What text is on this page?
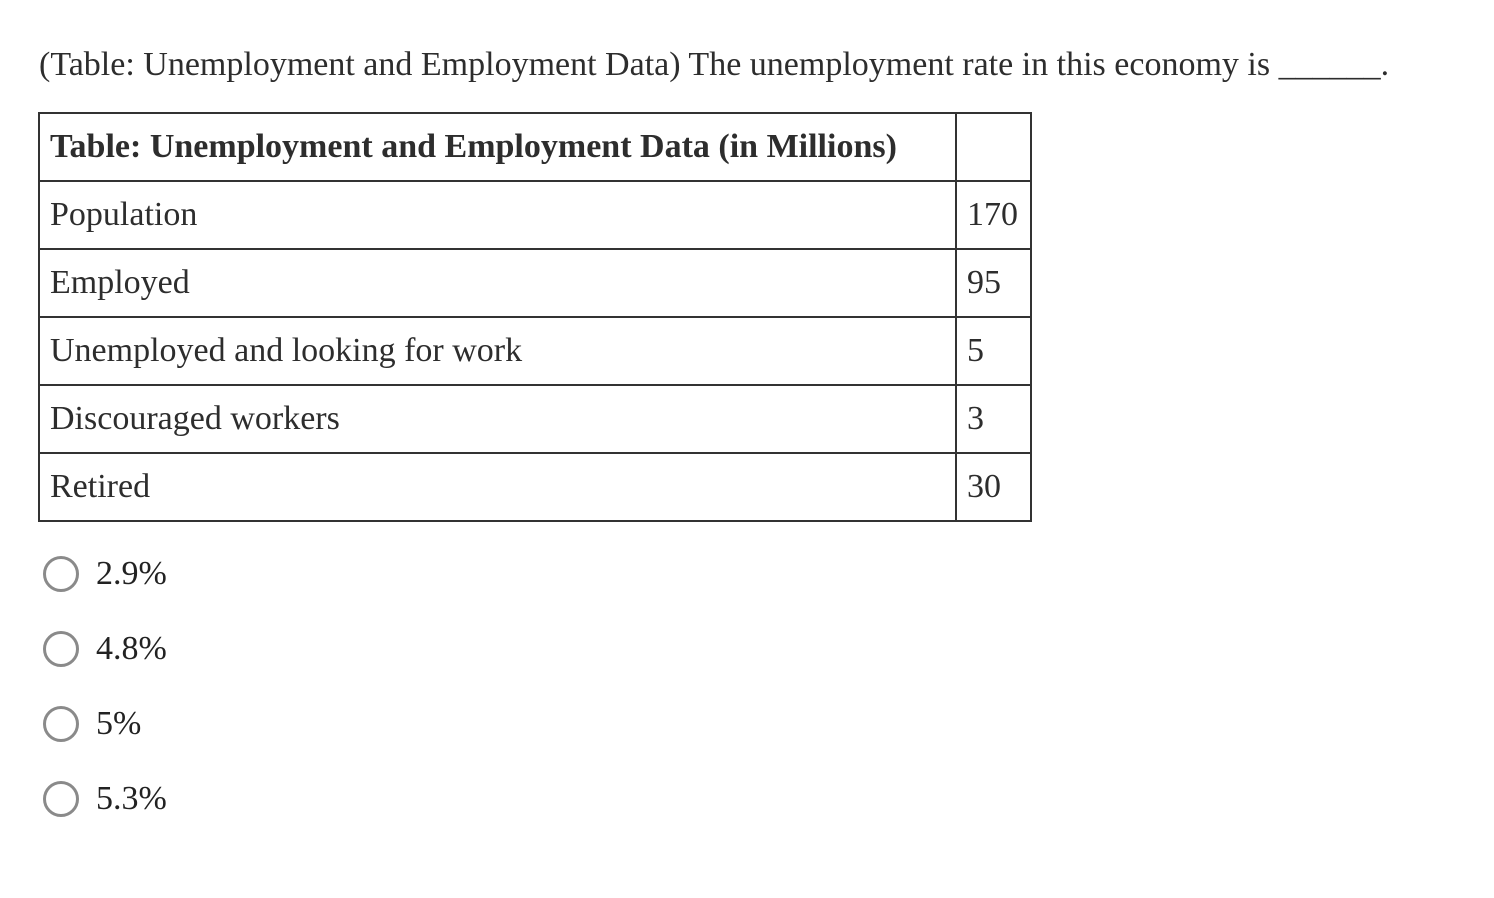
(Table: Unemployment and Employment Data) The unemployment rate in this economy is ______.

Table: Unemployment and Employment Data (in Millions)	
Population	170
Employed	95
Unemployed and looking for work	5
Discouraged workers	3
Retired	30
2.9%
4.8%
5%
5.3%
